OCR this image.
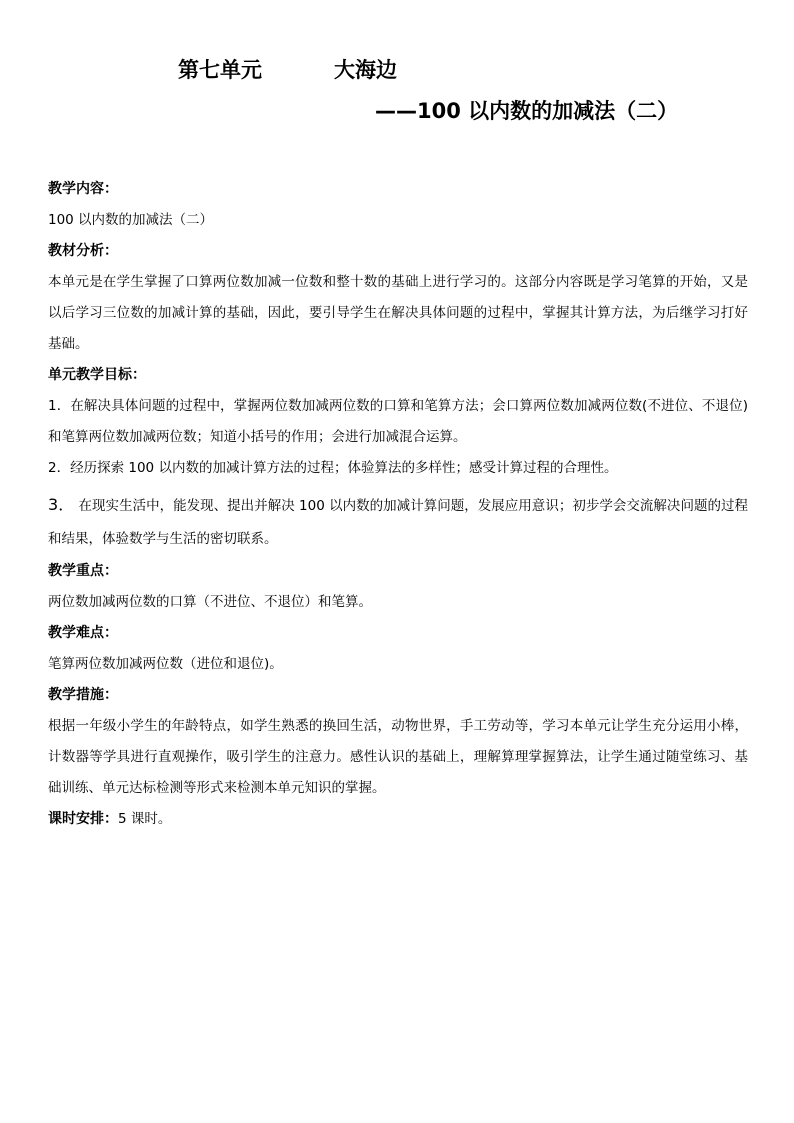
第七单元	大海边
——100 以内数的加减法（二）
教学内容：
100 以内数的加减法（二）
教材分析：

本单元是在学生掌握了口算两位数加减一位数和整十数的基础上进行学习的。这部分内容既是学习笔算的开始，又是以后学习三位数的加减计算的基础，因此，要引导学生在解决具体问题的过程中，掌握其计算方法，为后继学习打好基础。

单元教学目标：

1．在解决具体问题的过程中，掌握两位数加减两位数的口算和笔算方法；会口算两位数加减两位数(不进位、不退位)和笔算两位数加减两位数；知道小括号的作用；会进行加减混合运算。

2．经历探索 100 以内数的加减计算方法的过程；体验算法的多样性；感受计算过程的合理性。

3． 在现实生活中，能发现、提出并解决 100 以内数的加减计算问题，发展应用意识；初步学会交流解决问题的过程和结果，体验数学与生活的密切联系。

教学重点：
两位数加减两位数的口算（不进位、不退位）和笔算。
教学难点：
笔算两位数加减两位数（进位和退位)。
教学措施：

根据一年级小学生的年龄特点，如学生熟悉的换回生活，动物世界，手工劳动等，学习本单元让学生充分运用小棒，计数器等学具进行直观操作，吸引学生的注意力。感性认识的基础上，理解算理掌握算法，让学生通过随堂练习、基础训练、单元达标检测等形式来检测本单元知识的掌握。

课时安排：5 课时。
